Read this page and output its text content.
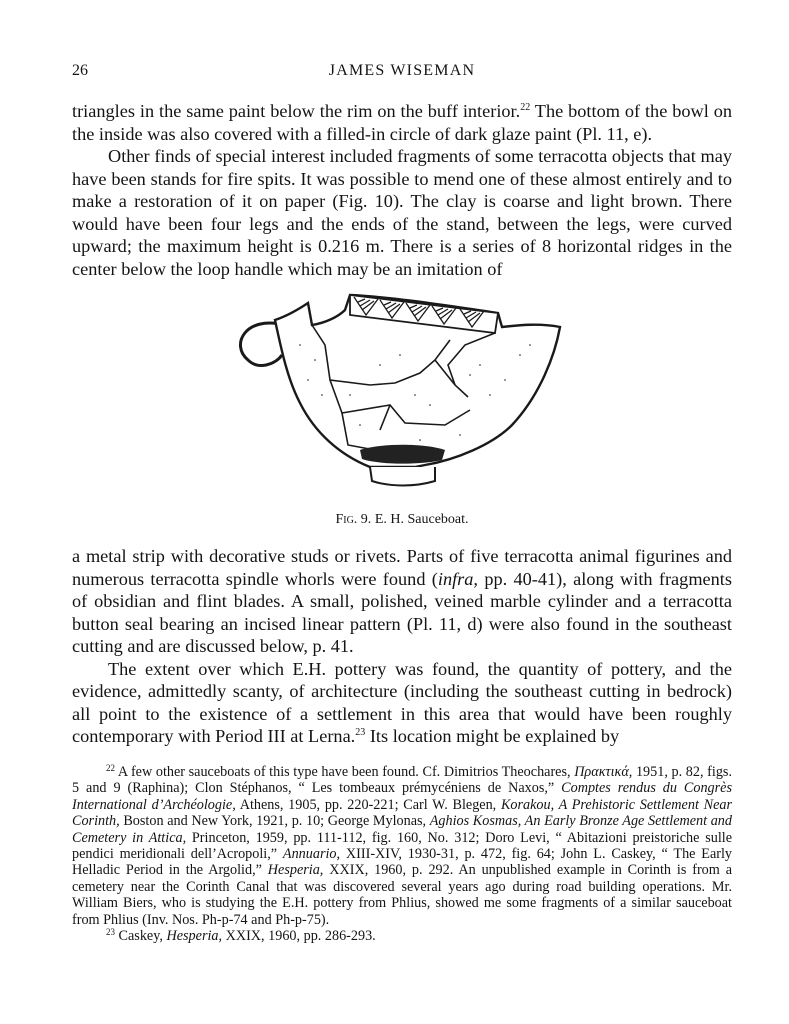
26	JAMES WISEMAN

triangles in the same paint below the rim on the buff interior.$^{22}$ The bottom of the bowl on the inside was also covered with a filled-in circle of dark glaze paint (Pl. 11, e).

Other finds of special interest included fragments of some terracotta objects that may have been stands for fire spits. It was possible to mend one of these almost entirely and to make a restoration of it on paper (Fig. 10). The clay is coarse and light brown. There would have been four legs and the ends of the stand, between the legs, were curved upward; the maximum height is 0.216 m. There is a series of 8 horizontal ridges in the center below the loop handle which may be an imitation of

Fig. 9. E. H. Sauceboat.

a metal strip with decorative studs or rivets. Parts of five terracotta animal figurines and numerous terracotta spindle whorls were found (infra, pp. 40-41), along with fragments of obsidian and flint blades. A small, polished, veined marble cylinder and a terracotta button seal bearing an incised linear pattern (Pl. 11, d) were also found in the southeast cutting and are discussed below, p. 41.

The extent over which E.H. pottery was found, the quantity of pottery, and the evidence, admittedly scanty, of architecture (including the southeast cutting in bedrock) all point to the existence of a settlement in this area that would have been roughly contemporary with Period III at Lerna.$^{23}$ Its location might be explained by

$^{22}$ A few other sauceboats of this type have been found. Cf. Dimitrios Theochares, Πρακτικά, 1951, p. 82, figs. 5 and 9 (Raphina); Clon Stéphanos, “ Les tombeaux prémycéniens de Naxos,” Comptes rendus du Congrès International d’Archéologie, Athens, 1905, pp. 220-221; Carl W. Blegen, Korakou, A Prehistoric Settlement Near Corinth, Boston and New York, 1921, p. 10; George Mylonas, Aghios Kosmas, An Early Bronze Age Settlement and Cemetery in Attica, Princeton, 1959, pp. 111-112, fig. 160, No. 312; Doro Levi, “ Abitazioni preistoriche sulle pendici meridionali dell’Acropoli,” Annuario, XIII-XIV, 1930-31, p. 472, fig. 64; John L. Caskey, “ The Early Helladic Period in the Argolid,” Hesperia, XXIX, 1960, p. 292. An unpublished example in Corinth is from a cemetery near the Corinth Canal that was discovered several years ago during road building operations. Mr. William Biers, who is studying the E.H. pottery from Phlius, showed me some fragments of a similar sauceboat from Phlius (Inv. Nos. Ph-p-74 and Ph-p-75).

$^{23}$ Caskey, Hesperia, XXIX, 1960, pp. 286-293.
